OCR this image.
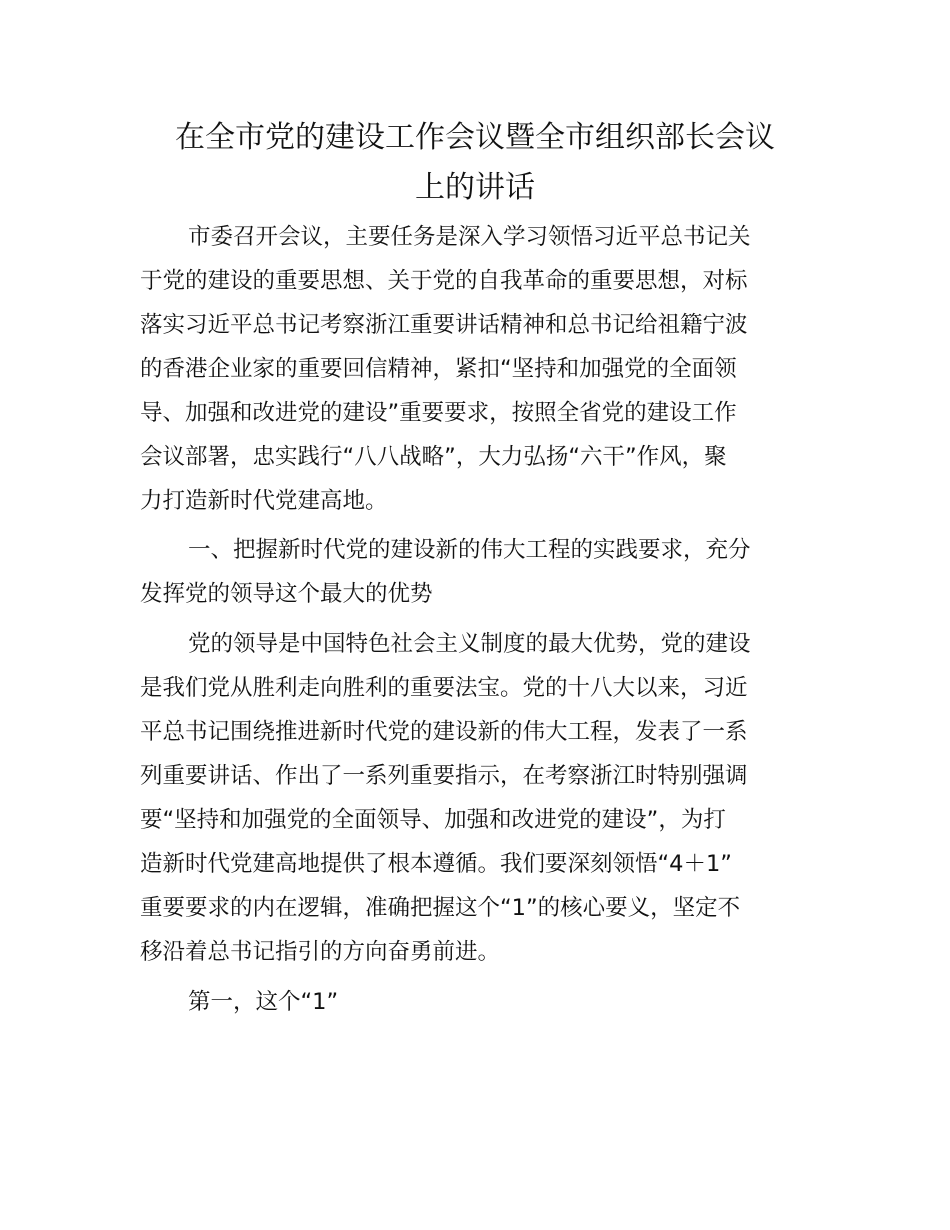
在全市党的建设工作会议暨全市组织部长会议
上的讲话
市委召开会议，主要任务是深入学习领悟习近平总书记关
于党的建设的重要思想、关于党的自我革命的重要思想，对标
落实习近平总书记考察浙江重要讲话精神和总书记给祖籍宁波
的香港企业家的重要回信精神，紧扣“坚持和加强党的全面领
导、加强和改进党的建设”重要要求，按照全省党的建设工作
会议部署，忠实践行“八八战略”，大力弘扬“六干”作风，聚
力打造新时代党建高地。
一、把握新时代党的建设新的伟大工程的实践要求，充分
发挥党的领导这个最大的优势
党的领导是中国特色社会主义制度的最大优势，党的建设
是我们党从胜利走向胜利的重要法宝。党的十八大以来，习近
平总书记围绕推进新时代党的建设新的伟大工程，发表了一系
列重要讲话、作出了一系列重要指示，在考察浙江时特别强调
要“坚持和加强党的全面领导、加强和改进党的建设”，为打
造新时代党建高地提供了根本遵循。我们要深刻领悟“4＋1”
重要要求的内在逻辑，准确把握这个“1”的核心要义，坚定不
移沿着总书记指引的方向奋勇前进。
第一，这个“1”
